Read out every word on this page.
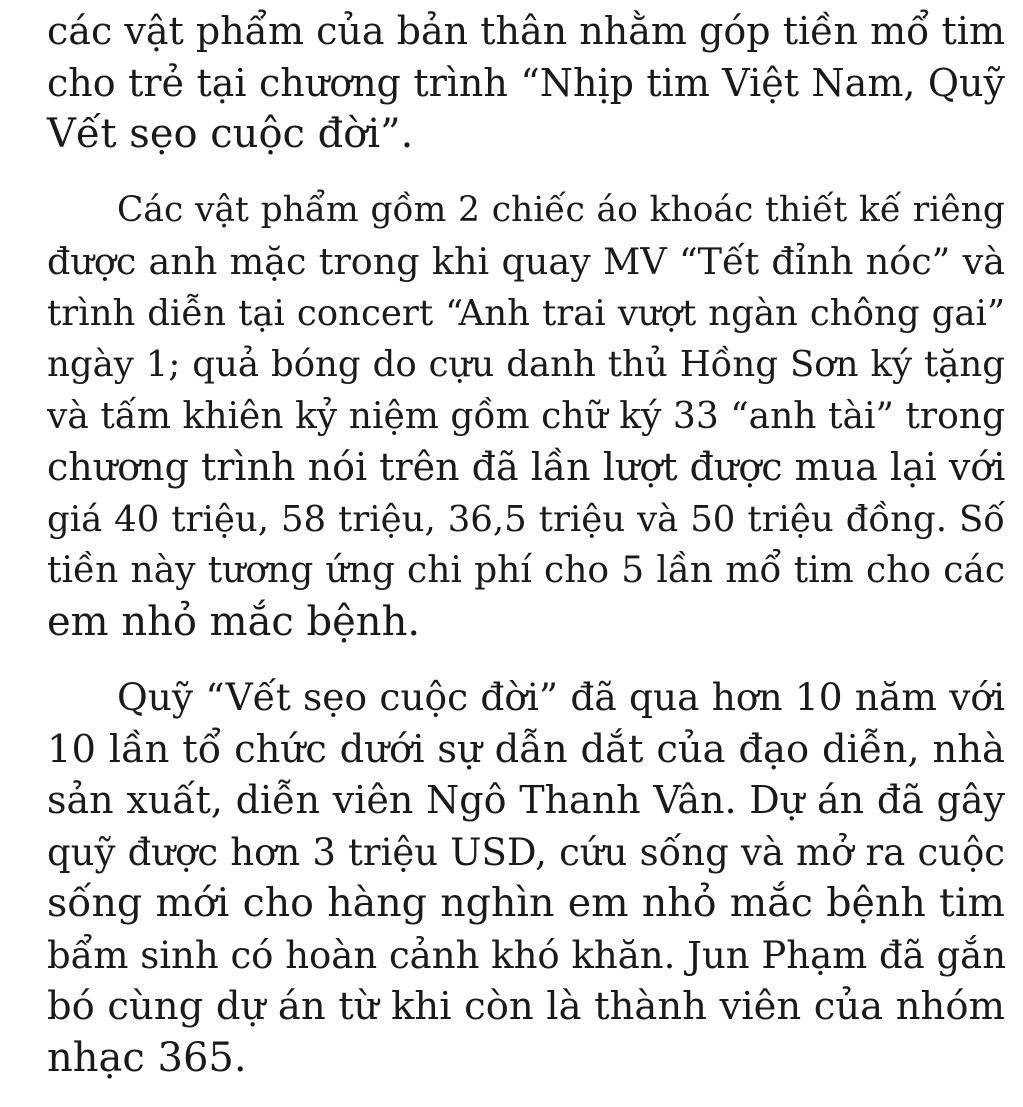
các vật phẩm của bản thân nhằm góp tiền mổ tim
cho trẻ tại chương trình “Nhịp tim Việt Nam, Quỹ
Vết sẹo cuộc đời”.

Các vật phẩm gồm 2 chiếc áo khoác thiết kế riêng
được anh mặc trong khi quay MV “Tết đỉnh nóc” và
trình diễn tại concert “Anh trai vượt ngàn chông gai”
ngày 1; quả bóng do cựu danh thủ Hồng Sơn ký tặng
và tấm khiên kỷ niệm gồm chữ ký 33 “anh tài” trong
chương trình nói trên đã lần lượt được mua lại với
giá 40 triệu, 58 triệu, 36,5 triệu và 50 triệu đồng. Số
tiền này tương ứng chi phí cho 5 lần mổ tim cho các
em nhỏ mắc bệnh.

Quỹ “Vết sẹo cuộc đời” đã qua hơn 10 năm với
10 lần tổ chức dưới sự dẫn dắt của đạo diễn, nhà
sản xuất, diễn viên Ngô Thanh Vân. Dự án đã gây
quỹ được hơn 3 triệu USD, cứu sống và mở ra cuộc
sống mới cho hàng nghìn em nhỏ mắc bệnh tim
bẩm sinh có hoàn cảnh khó khăn. Jun Phạm đã gắn
bó cùng dự án từ khi còn là thành viên của nhóm
nhạc 365.
